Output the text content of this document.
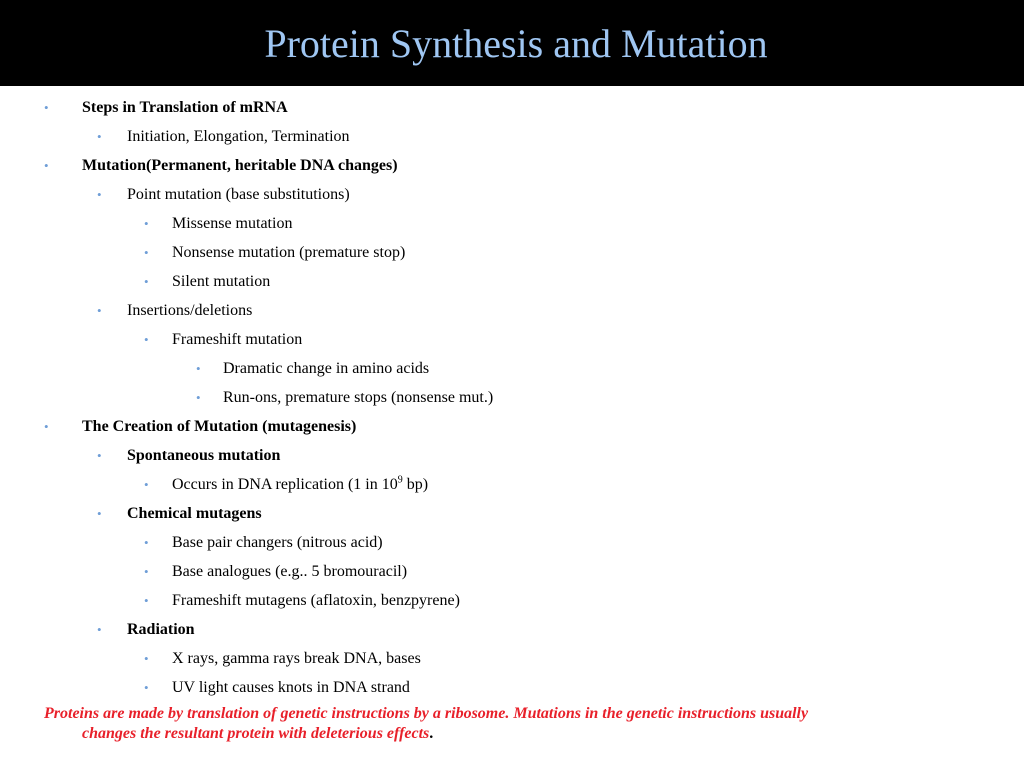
Protein Synthesis and Mutation
• Steps in Translation of mRNA
• Initiation, Elongation, Termination
• Mutation(Permanent, heritable DNA changes)
• Point mutation (base substitutions)
• Missense mutation
• Nonsense mutation (premature stop)
• Silent mutation
• Insertions/deletions
• Frameshift mutation
• Dramatic change in amino acids
• Run-ons, premature stops (nonsense mut.)
• The Creation of Mutation (mutagenesis)
• Spontaneous mutation
• Occurs in DNA replication (1 in $10^9$ bp)
• Chemical mutagens
• Base pair changers (nitrous acid)
• Base analogues (e.g.. 5 bromouracil)
• Frameshift mutagens (aflatoxin, benzpyrene)
• Radiation
• X rays, gamma rays break DNA, bases
• UV light causes knots in DNA strand
Proteins are made by translation of genetic instructions by a ribosome. Mutations in the genetic instructions usually
changes the resultant protein with deleterious effects.
